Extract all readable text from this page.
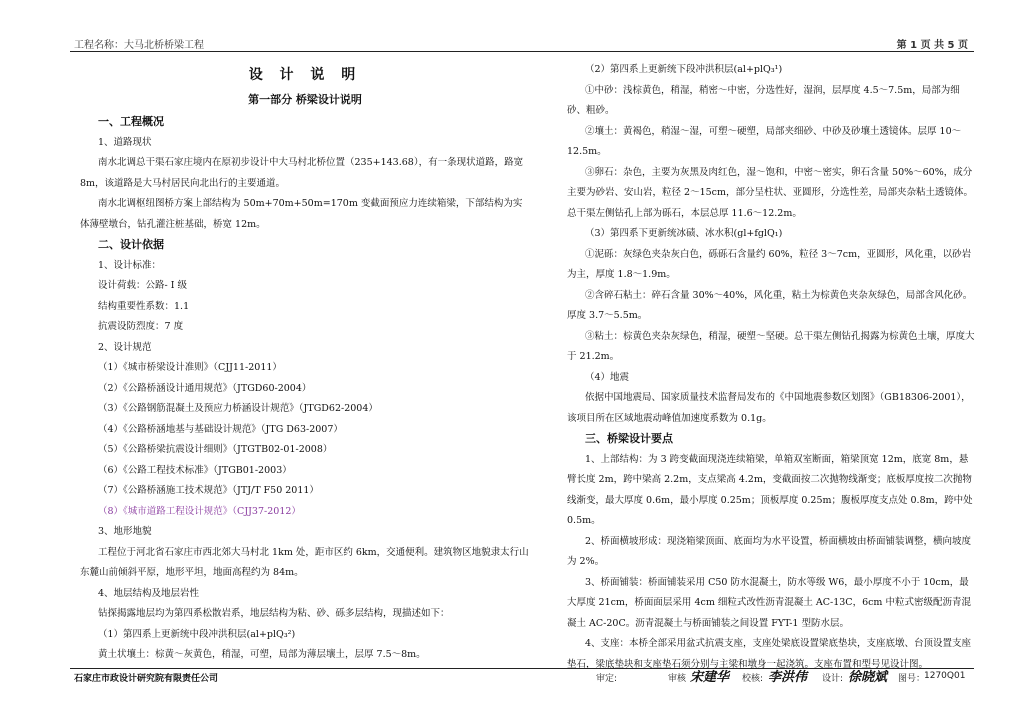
工程名称：大马北桥桥梁工程	第 1 页 共 5 页
设 计 说 明
第一部分 桥梁设计说明
一、工程概况
1、道路现状
南水北调总干渠石家庄境内在原初步设计中大马村北桥位置（235+143.68），有一条现状道路，路宽 8m，该道路是大马村居民向北出行的主要通道。
南水北调枢纽图桥方案上部结构为 50m+70m+50m=170m 变截面预应力连续箱梁，下部结构为实体薄壁墩台，钻孔灌注桩基础，桥宽 12m。
二、设计依据
1、设计标准：
设计荷载：公路- I 级
结构重要性系数：1.1
抗震设防烈度：7 度
2、设计规范
（1）《城市桥梁设计准则》（CJJ11-2011）
（2）《公路桥涵设计通用规范》（JTGD60-2004）
（3）《公路钢筋混凝土及预应力桥涵设计规范》（JTGD62-2004）
（4）《公路桥涵地基与基础设计规范》（JTG D63-2007）
（5）《公路桥梁抗震设计细则》（JTGTB02-01-2008）
（6）《公路工程技术标准》（JTGB01-2003）
（7）《公路桥涵施工技术规范》（JTJ/T F50 2011）
（8）《城市道路工程设计规范》（CJJ37-2012）
3、地形地貌
工程位于河北省石家庄市西北郊大马村北 1km 处，距市区约 6km，交通便利。建筑物区地貌隶太行山东麓山前倾斜平原，地形平坦，地面高程约为 84m。
4、地层结构及地层岩性
钻探揭露地层均为第四系松散岩系，地层结构为粘、砂、砾多层结构，现描述如下：
（1）第四系上更新统中段冲洪积层(al+plQ₃²)
黄土状壤土：棕黄～灰黄色，稍湿，可塑，局部为薄层壤土，层厚 7.5～8m。
（2）第四系上更新统下段冲洪积层(al+plQ₃¹)
①中砂：浅棕黄色，稍湿，稍密～中密，分选性好，湿润，层厚度 4.5～7.5m，局部为细砂、粗砂。
②壤土：黄褐色，稍湿～湿，可塑～硬塑，局部夹细砂、中砂及砂壤土透镜体。层厚 10～12.5m。
③卵石：杂色，主要为灰黑及肉红色，湿～饱和，中密～密实，卵石含量 50%～60%，成分主要为砂岩、安山岩，粒径 2～15cm，部分呈柱状、亚圆形，分选性差，局部夹杂粘土透镜体。总干渠左侧钻孔上部为砾石，本层总厚 11.6～12.2m。
（3）第四系下更新统冰碛、冰水积(gl+fglQ₁)
①泥砾：灰绿色夹杂灰白色，砾砾石含量约 60%，粒径 3～7cm，亚圆形，风化重，以砂岩为主，厚度 1.8～1.9m。
②含碎石粘土：碎石含量 30%～40%，风化重，粘土为棕黄色夹杂灰绿色，局部含风化砂。厚度 3.7～5.5m。
③粘土：棕黄色夹杂灰绿色，稍湿，硬塑～坚硬。总干渠左侧钻孔揭露为棕黄色土壤，厚度大于 21.2m。
（4）地震
依据中国地震局、国家质量技术监督局发布的《中国地震参数区划图》（GB18306-2001），该项目所在区域地震动峰值加速度系数为 0.1g。
三、桥梁设计要点
1、上部结构：为 3 跨变截面现浇连续箱梁，单箱双室断面，箱梁顶宽 12m，底宽 8m，悬臂长度 2m，跨中梁高 2.2m，支点梁高 4.2m，变截面按二次抛物线渐变；底板厚度按二次抛物线渐变，最大厚度 0.6m，最小厚度 0.25m；顶板厚度 0.25m；腹板厚度支点处 0.8m，跨中处 0.5m。
2、桥面横坡形成：现浇箱梁顶面、底面均为水平设置，桥面横坡由桥面铺装调整，横向坡度为 2%。
3、桥面铺装：桥面铺装采用 C50 防水混凝土，防水等级 W6，最小厚度不小于 10cm，最大厚度 21cm，桥面面层采用 4cm 细粒式改性沥青混凝土 AC-13C，6cm 中粒式密级配沥青混凝土 AC-20C。沥青混凝土与桥面铺装之间设置 FYT-1 型防水层。
4、支座：本桥全部采用盆式抗震支座，支座处梁底设置梁底垫块，支座底墩、台顶设置支座垫石，梁底垫块和支座垫石须分别与主梁和墩身一起浇筑。支座布置和型号见设计图。
石家庄市政设计研究院有限责任公司	审定:	审核 宋建华 校核: 李洪伟 设计: 徐晓斌 图号：
1270Q01
